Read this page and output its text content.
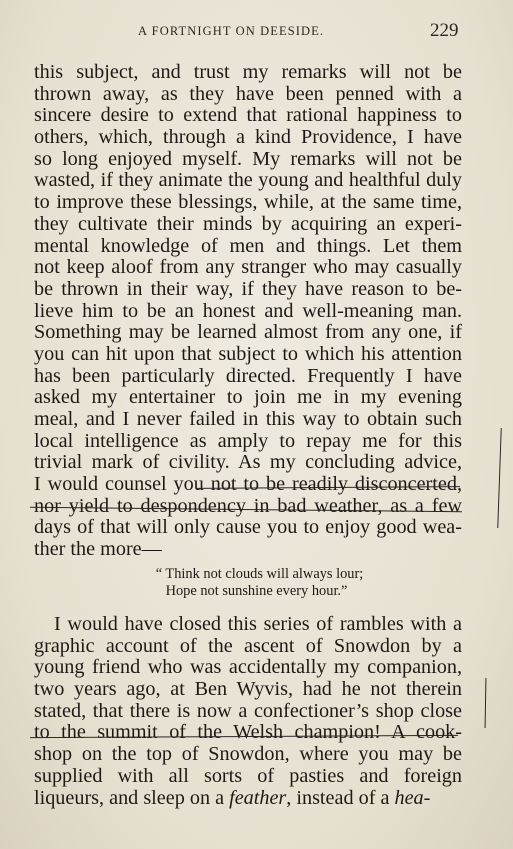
A FORTNIGHT ON DEESIDE.	229
this subject, and trust my remarks will not be
thrown away, as they have been penned with a
sincere desire to extend that rational happiness to
others, which, through a kind Providence, I have
so long enjoyed myself. My remarks will not be
wasted, if they animate the young and healthful duly
to improve these blessings, while, at the same time,
they cultivate their minds by acquiring an experi-
mental knowledge of men and things. Let them
not keep aloof from any stranger who may casually
be thrown in their way, if they have reason to be-
lieve him to be an honest and well-meaning man.
Something may be learned almost from any one, if
you can hit upon that subject to which his attention
has been particularly directed. Frequently I have
asked my entertainer to join me in my evening
meal, and I never failed in this way to obtain such
local intelligence as amply to repay me for this
trivial mark of civility. As my concluding advice,
I would counsel you not to be readily disconcerted,
nor yield to despondency in bad weather, as a few
days of that will only cause you to enjoy good wea-
ther the more—
“ Think not clouds will always lour;
Hope not sunshine every hour.”
I would have closed this series of rambles with a
graphic account of the ascent of Snowdon by a
young friend who was accidentally my companion,
two years ago, at Ben Wyvis, had he not therein
stated, that there is now a confectioner’s shop close
to the summit of the Welsh champion! A cook-
shop on the top of Snowdon, where you may be
supplied with all sorts of pasties and foreign
liqueurs, and sleep on a feather, instead of a hea-
